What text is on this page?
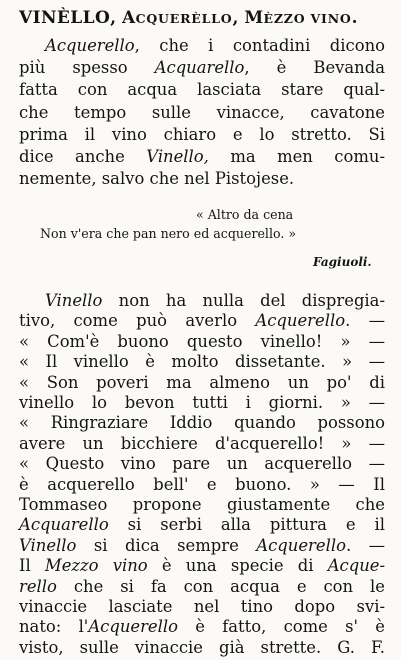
VINÈLLO, ACQUERÈLLO, MÈZZO VINO.
Acquerello, che i contadini dicono
più spesso Acquarello, è Bevanda
fatta con acqua lasciata stare qual-
che tempo sulle vinacce, cavatone
prima il vino chiaro e lo stretto. Si
dice anche Vinello, ma men comu-
nemente, salvo che nel Pistojese.
« Altro da cena
Non v'era che pan nero ed acquerello. »
Fagiuoli.
Vinello non ha nulla del dispregia-
tivo, come può averlo Acquerello. —
« Com'è buono questo vinello! » —
« Il vinello è molto dissetante. » —
« Son poveri ma almeno un po' di
vinello lo bevon tutti i giorni. » —
« Ringraziare Iddio quando possono
avere un bicchiere d'acquerello! » —
« Questo vino pare un acquerello —
è acquerello bell' e buono. » — Il
Tommaseo propone giustamente che
Acquarello si serbi alla pittura e il
Vinello si dica sempre Acquerello. —
Il Mezzo vino è una specie di Acque-
rello che si fa con acqua e con le
vinaccie lasciate nel tino dopo svi-
nato: l'Acquerello è fatto, come s' è
visto, sulle vinaccie già strette. G. F.
